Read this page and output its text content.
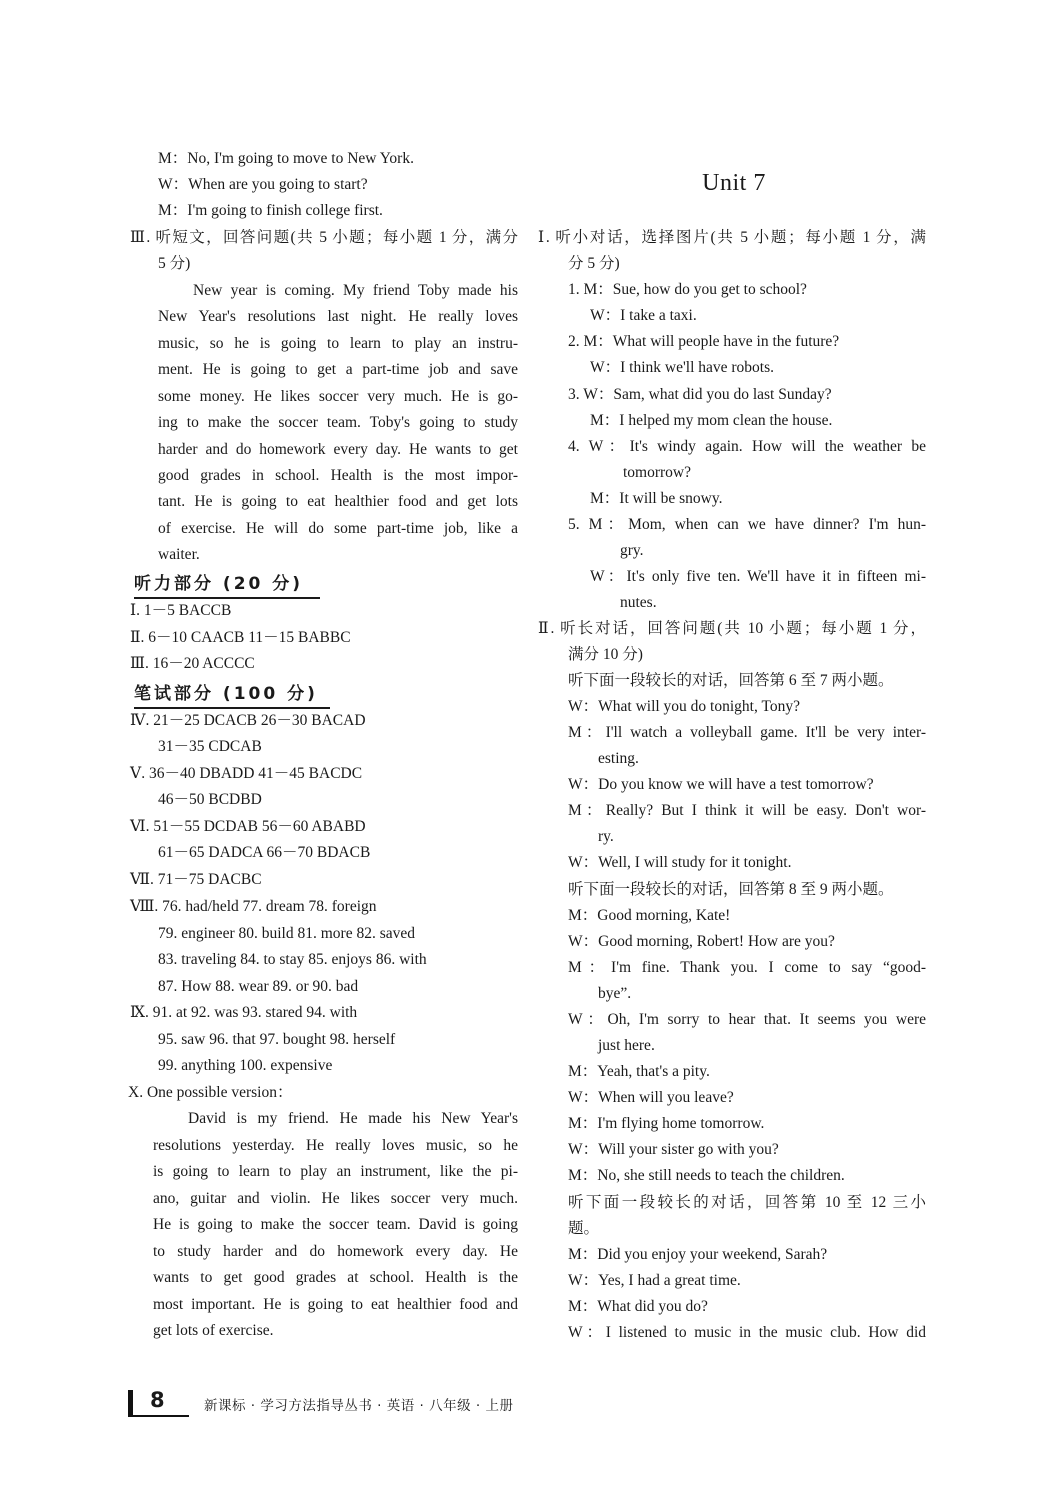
M：No, I'm going to move to New York.
W：When are you going to start?
M：I'm going to finish college first.
Ⅲ. 听短文，回答问题(共 5 小题；每小题 1 分，满分
5 分)
New year is coming. My friend Toby made his
New Year's resolutions last night. He really loves
music, so he is going to learn to play an instru-
ment. He is going to get a part-time job and save
some money. He likes soccer very much. He is go-
ing to make the soccer team. Toby's going to study
harder and do homework every day. He wants to get
good grades in school. Health is the most impor-
tant. He is going to eat healthier food and get lots
of exercise. He will do some part-time job, like a
waiter.
Ⅰ. 1－5 BACCB
Ⅱ. 6－10 CAACB 11－15 BABBC
Ⅲ. 16－20 ACCCC
Ⅳ. 21－25 DCACB 26－30 BACAD
31－35 CDCAB
Ⅴ. 36－40 DBADD 41－45 BACDC
46－50 BCDBD
Ⅵ. 51－55 DCDAB 56－60 ABABD
61－65 DADCA 66－70 BDACB
Ⅶ. 71－75 DACBC
Ⅷ. 76. had/held 77. dream 78. foreign
79. engineer 80. build 81. more 82. saved
83. traveling 84. to stay 85. enjoys 86. with
87. How 88. wear 89. or 90. bad
Ⅸ. 91. at 92. was 93. stared 94. with
95. saw 96. that 97. bought 98. herself
99. anything 100. expensive
X. One possible version：
David is my friend. He made his New Year's
resolutions yesterday. He really loves music, so he
is going to learn to play an instrument, like the pi-
ano, guitar and violin. He likes soccer very much.
He is going to make the soccer team. David is going
to study harder and do homework every day. He
wants to get good grades at school. Health is the
most important. He is going to eat healthier food and
get lots of exercise.
听力部分 (20 分)
笔试部分 (100 分)
Unit 7
Ⅰ. 听小对话，选择图片(共 5 小题；每小题 1 分，满
分 5 分)
1. M：Sue, how do you get to school?
W：I take a taxi.
2. M：What will people have in the future?
W：I think we'll have robots.
3. W：Sam, what did you do last Sunday?
M：I helped my mom clean the house.
4. W：It's windy again. How will the weather be
tomorrow?
M：It will be snowy.
5. M：Mom, when can we have dinner? I'm hun-
gry.
W：It's only five ten. We'll have it in fifteen mi-
nutes.
Ⅱ. 听长对话，回答问题(共 10 小题；每小题 1 分，
满分 10 分)
听下面一段较长的对话，回答第 6 至 7 两小题。
W：What will you do tonight, Tony?
M：I'll watch a volleyball game. It'll be very inter-
esting.
W：Do you know we will have a test tomorrow?
M：Really? But I think it will be easy. Don't wor-
ry.
W：Well, I will study for it tonight.
听下面一段较长的对话，回答第 8 至 9 两小题。
M：Good morning, Kate!
W：Good morning, Robert! How are you?
M：I'm fine. Thank you. I come to say “good-
bye”.
W：Oh, I'm sorry to hear that. It seems you were
just here.
M：Yeah, that's a pity.
W：When will you leave?
M：I'm flying home tomorrow.
W：Will your sister go with you?
M：No, she still needs to teach the children.
听下面一段较长的对话，回答第 10 至 12 三小
题。
M：Did you enjoy your weekend, Sarah?
W：Yes, I had a great time.
M：What did you do?
W：I listened to music in the music club. How did
8	新课标 · 学习方法指导丛书 · 英语 · 八年级 · 上册
